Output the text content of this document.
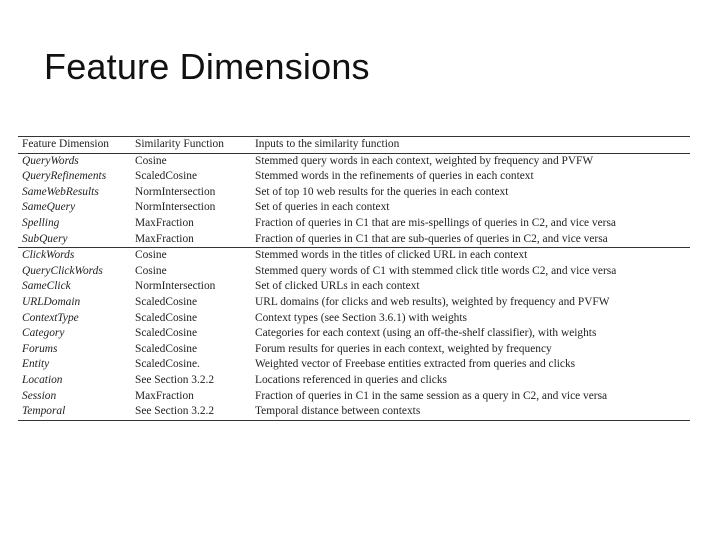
Feature Dimensions
Feature Dimension	Similarity Function	Inputs to the similarity function
QueryWords	Cosine	Stemmed query words in each context, weighted by frequency and PVFW
QueryRefinements	ScaledCosine	Stemmed words in the refinements of queries in each context
SameWebResults	NormIntersection	Set of top 10 web results for the queries in each context
SameQuery	NormIntersection	Set of queries in each context
Spelling	MaxFraction	Fraction of queries in C1 that are mis-spellings of queries in C2, and vice versa
SubQuery	MaxFraction	Fraction of queries in C1 that are sub-queries of queries in C2, and vice versa
ClickWords	Cosine	Stemmed words in the titles of clicked URL in each context
QueryClickWords	Cosine	Stemmed query words of C1 with stemmed click title words C2, and vice versa
SameClick	NormIntersection	Set of clicked URLs in each context
URLDomain	ScaledCosine	URL domains (for clicks and web results), weighted by frequency and PVFW
ContextType	ScaledCosine	Context types (see Section 3.6.1) with weights
Category	ScaledCosine	Categories for each context (using an off-the-shelf classifier), with weights
Forums	ScaledCosine	Forum results for queries in each context, weighted by frequency
Entity	ScaledCosine.	Weighted vector of Freebase entities extracted from queries and clicks
Location	See Section 3.2.2	Locations referenced in queries and clicks
Session	MaxFraction	Fraction of queries in C1 in the same session as a query in C2, and vice versa
Temporal	See Section 3.2.2	Temporal distance between contexts
